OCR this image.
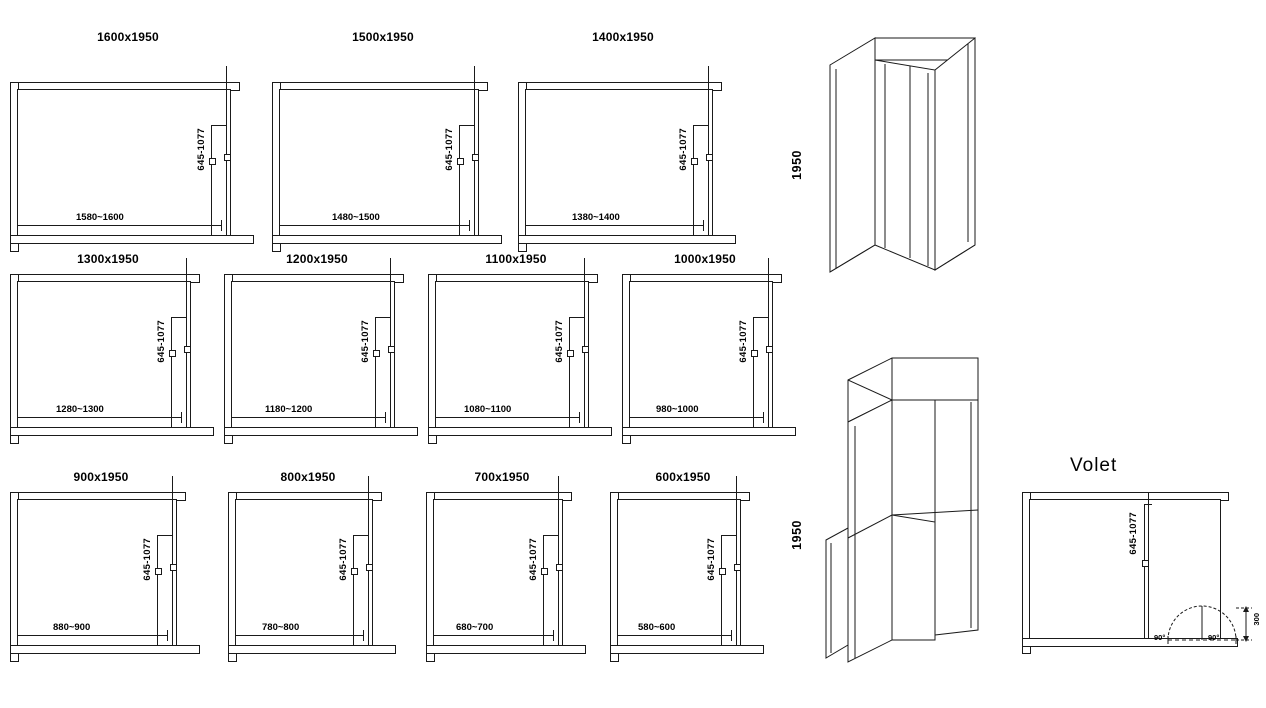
1600x1950
645-1077
1580~1600
1500x1950
645-1077
1480~1500
1400x1950
645-1077
1380~1400
1300x1950
645-1077
1280~1300
1200x1950
645-1077
1180~1200
1100x1950
645-1077
1080~1100
1000x1950
645-1077
980~1000
900x1950
645-1077
880~900
800x1950
645-1077
780~800
700x1950
645-1077
680~700
600x1950
645-1077
580~600
1950
1950
Volet
645-1077
90°	90°
300
